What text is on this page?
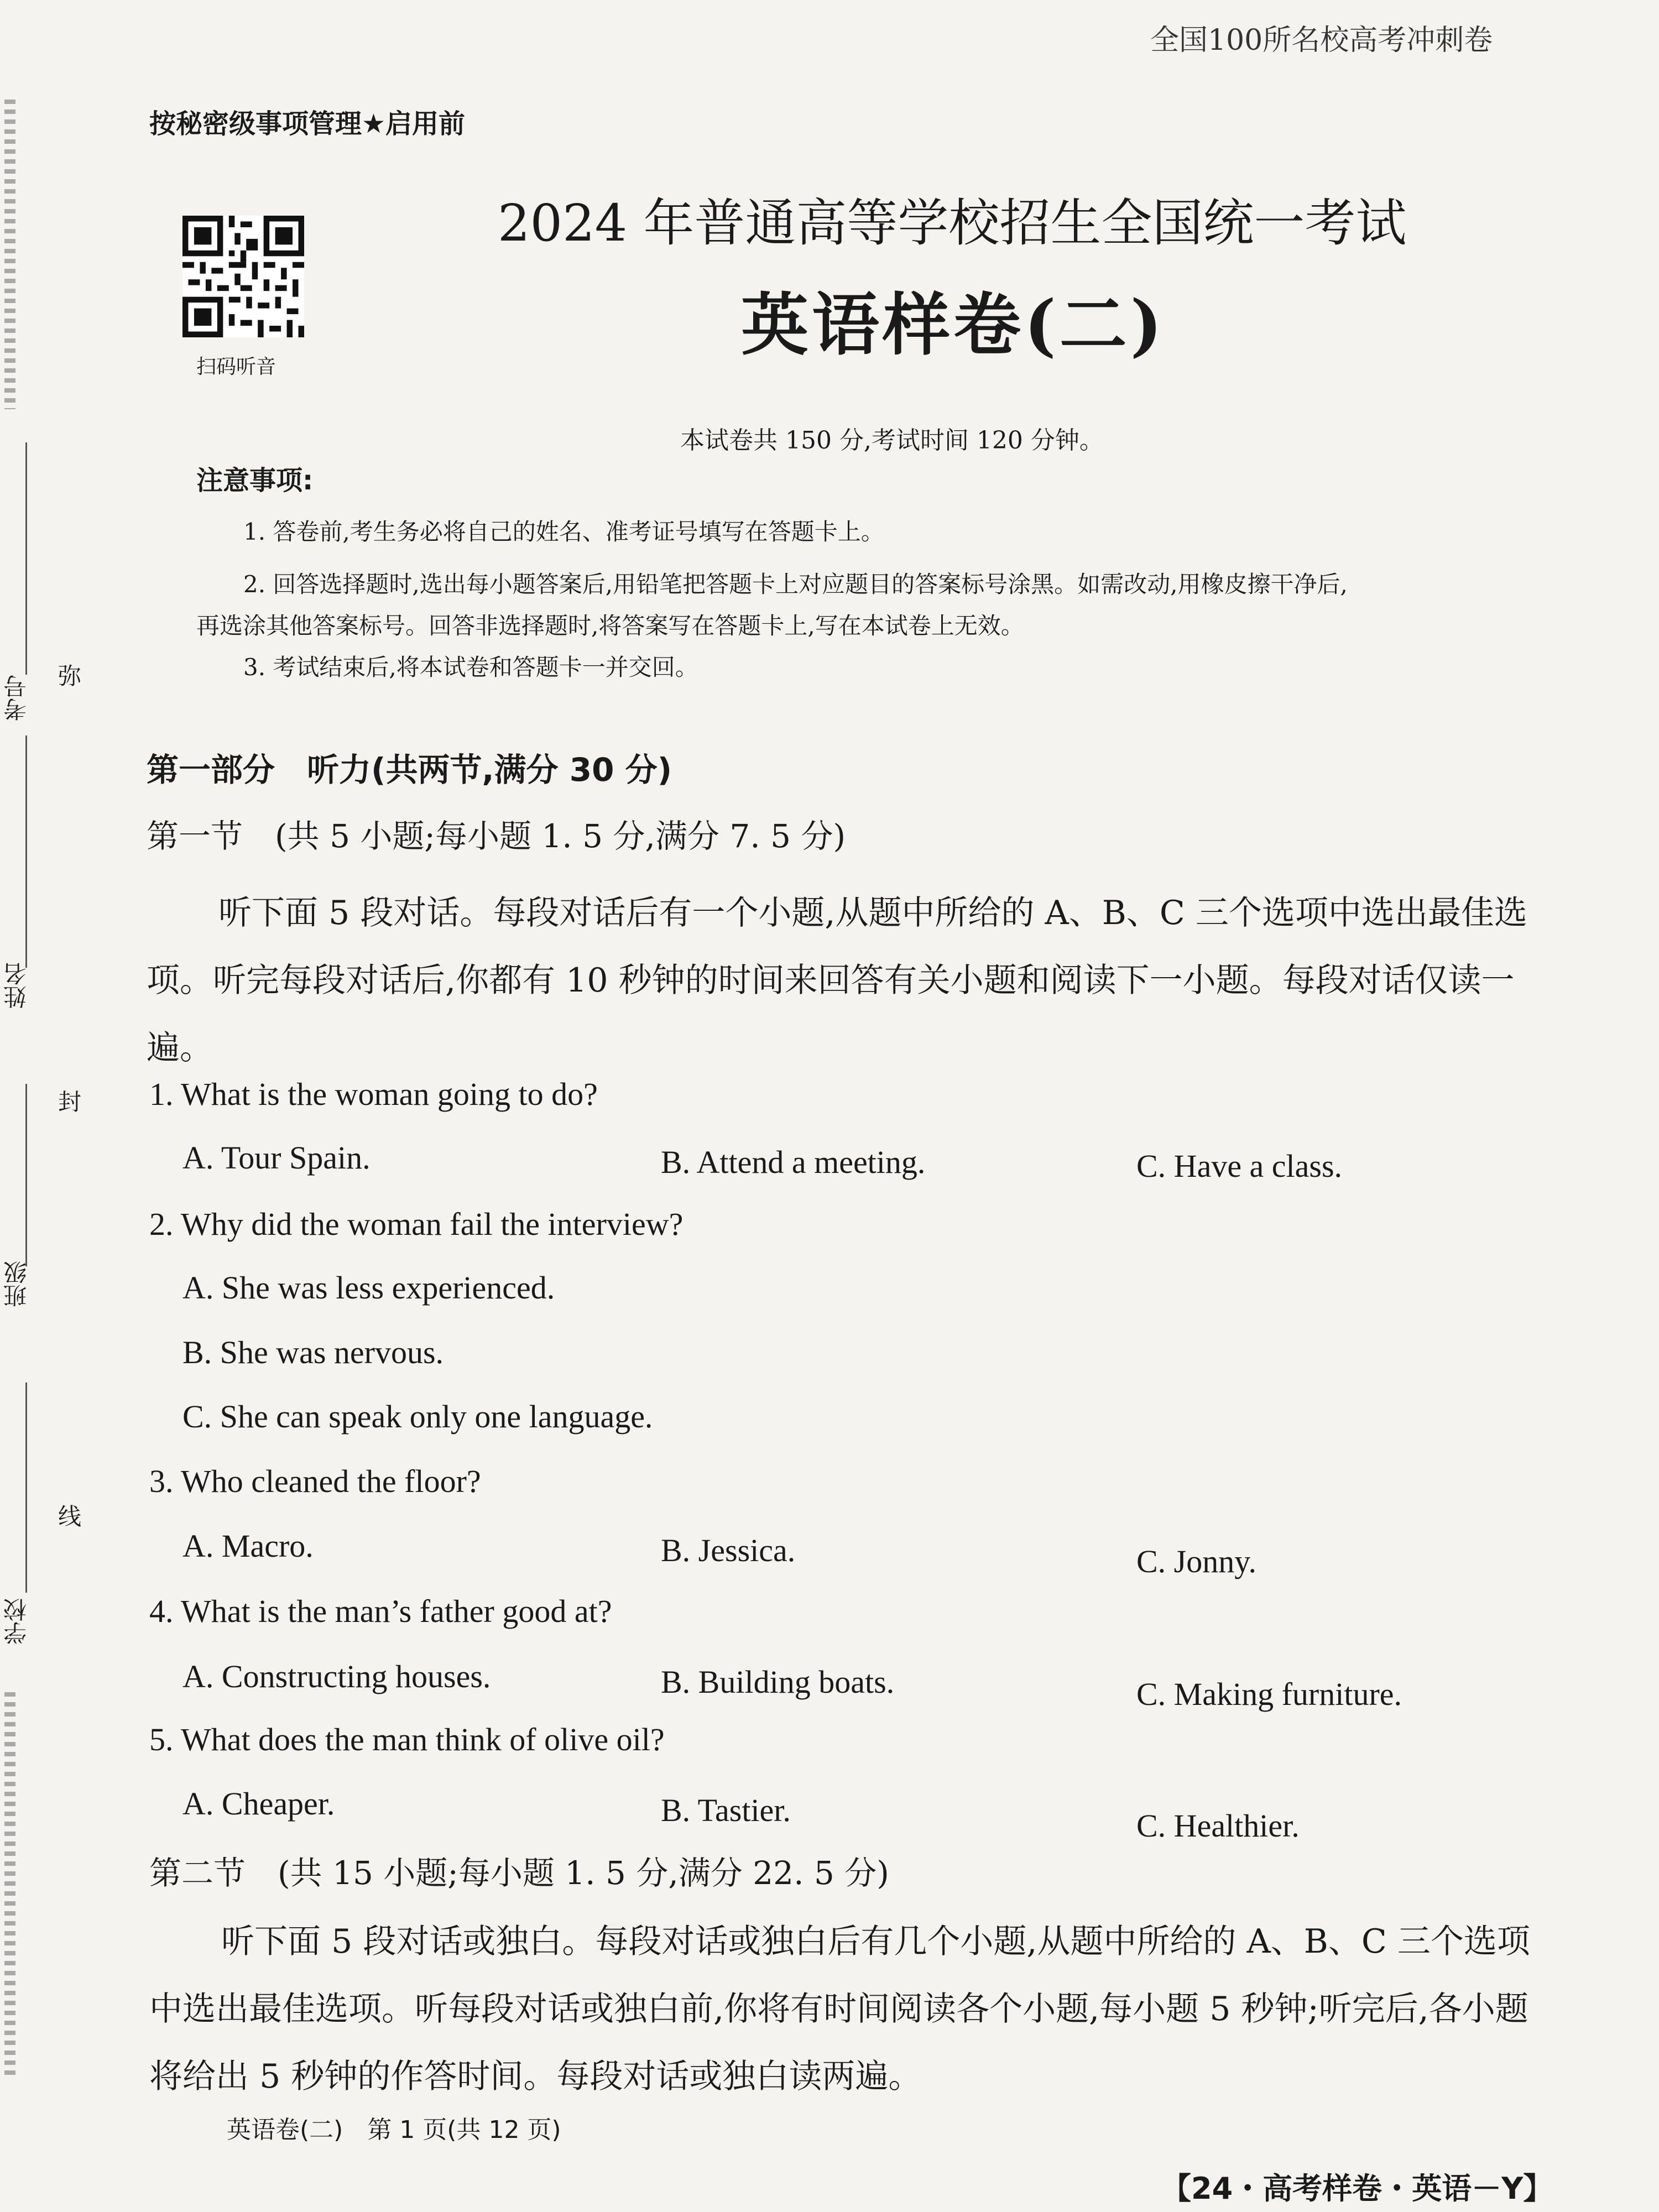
考号
姓名
班级
学校
弥
封
线
全国100所名校高考冲刺卷
按秘密级事项管理★启用前
扫码听音
2024 年普通高等学校招生全国统一考试
英语样卷(二)
本试卷共 150 分,考试时间 120 分钟。
注意事项:
1. 答卷前,考生务必将自己的姓名、准考证号填写在答题卡上。
2. 回答选择题时,选出每小题答案后,用铅笔把答题卡上对应题目的答案标号涂黑。如需改动,用橡皮擦干净后,
再选涂其他答案标号。回答非选择题时,将答案写在答题卡上,写在本试卷上无效。
3. 考试结束后,将本试卷和答题卡一并交回。
第一部分　听力(共两节,满分 30 分)
第一节　(共 5 小题;每小题 1. 5 分,满分 7. 5 分)
听下面 5 段对话。每段对话后有一个小题,从题中所给的 A、B、C 三个选项中选出最佳选项。听完每段对话后,你都有 10 秒钟的时间来回答有关小题和阅读下一小题。每段对话仅读一遍。
1. What is the woman going to do?
A. Tour Spain.	B. Attend a meeting.	C. Have a class.
2. Why did the woman fail the interview?
A. She was less experienced.
B. She was nervous.
C. She can speak only one language.
3. Who cleaned the floor?
A. Macro.	B. Jessica.	C. Jonny.
4. What is the man’s father good at?
A. Constructing houses.	B. Building boats.	C. Making furniture.
5. What does the man think of olive oil?
A. Cheaper.	B. Tastier.	C. Healthier.
第二节　(共 15 小题;每小题 1. 5 分,满分 22. 5 分)
听下面 5 段对话或独白。每段对话或独白后有几个小题,从题中所给的 A、B、C 三个选项中选出最佳选项。听每段对话或独白前,你将有时间阅读各个小题,每小题 5 秒钟;听完后,各小题将给出 5 秒钟的作答时间。每段对话或独白读两遍。
英语卷(二)　第 1 页(共 12 页)
【24・高考样卷・英语－Y】
